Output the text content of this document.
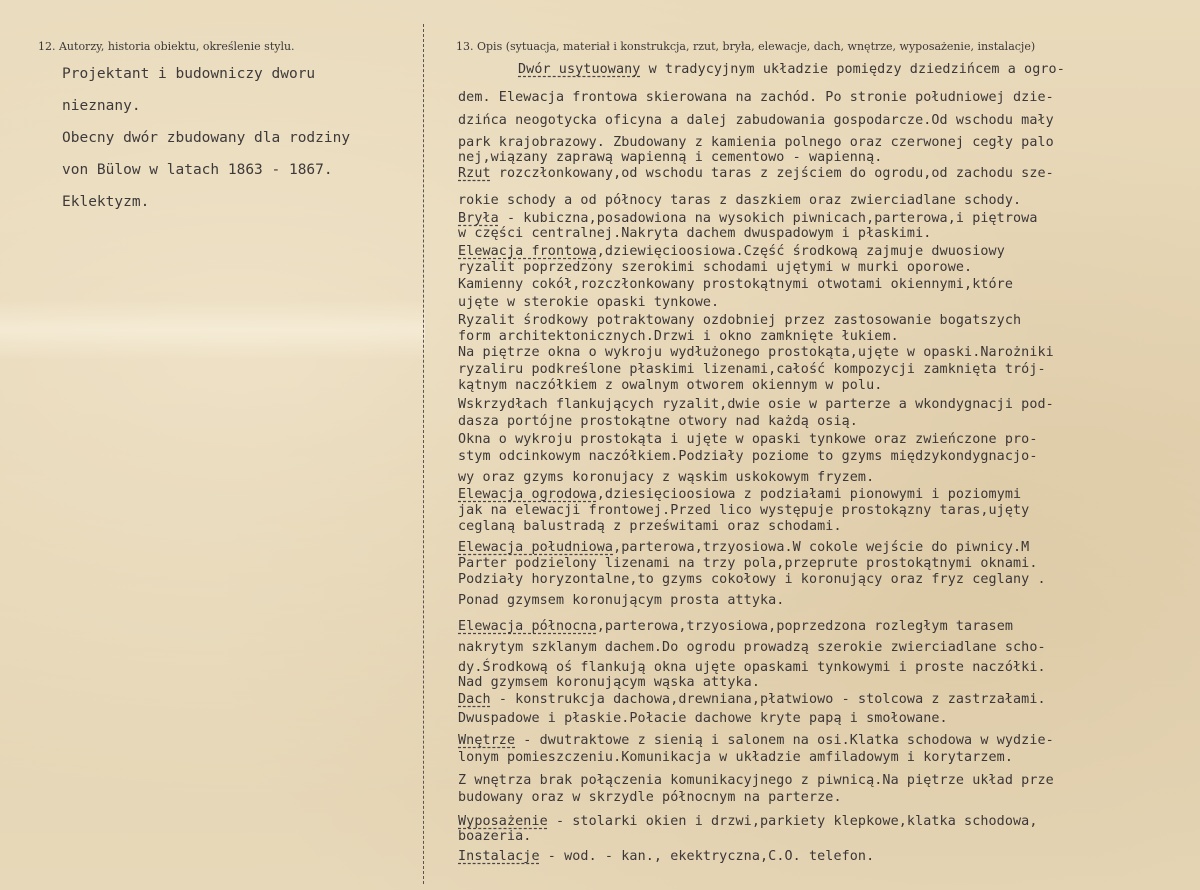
12. Autorzy, historia obiektu, określenie stylu.	13. Opis (sytuacja, materiał i konstrukcja, rzut, bryła, elewacje, dach, wnętrze, wyposażenie, instalacje)

Projektant i budowniczy dworu

nieznany.

Obecny dwór zbudowany dla rodziny

von Bülow w latach 1863 - 1867.

Eklektyzm.

Dwór usytuowany w tradycyjnym układzie pomiędzy dziedzińcem a ogro-
dem. Elewacja frontowa skierowana na zachód. Po stronie południowej dzie-
dzińca neogotycka oficyna a dalej zabudowania gospodarcze.Od wschodu mały
park krajobrazowy. Zbudowany z kamienia polnego oraz czerwonej cegły palo
nej,wiązany zaprawą wapienną i cementowo - wapienną.
Rzut rozczłonkowany,od wschodu taras z zejściem do ogrodu,od zachodu sze-
rokie schody a od północy taras z daszkiem oraz zwierciadlane schody.
Bryła - kubiczna,posadowiona na wysokich piwnicach,parterowa,i piętrowa
w części centralnej.Nakryta dachem dwuspadowym i płaskimi.
Elewacja frontowa,dziewięcioosiowa.Część środkową zajmuje dwuosiowy
ryzalit poprzedzony szerokimi schodami ujętymi w murki oporowe.
Kamienny cokół,rozczłonkowany prostokątnymi otwotami okiennymi,które
ujęte w sterokie opaski tynkowe.
Ryzalit środkowy potraktowany ozdobniej przez zastosowanie bogatszych
form architektonicznych.Drzwi i okno zamknięte łukiem.
Na piętrze okna o wykroju wydłużonego prostokąta,ujęte w opaski.Narożniki
ryzaliru podkreślone płaskimi lizenami,całość kompozycji zamknięta trój-
kątnym naczółkiem z owalnym otworem okiennym w polu.
Wskrzydłach flankujących ryzalit,dwie osie w parterze a wkondygnacji pod-
dasza portójne prostokątne otwory nad każdą osią.
Okna o wykroju prostokąta i ujęte w opaski tynkowe oraz zwieńczone pro-
stym odcinkowym naczółkiem.Podziały poziome to gzyms międzykondygnacjo-
wy oraz gzyms koronujacy z wąskim uskokowym fryzem.
Elewacja ogrodowa,dziesięcioosiowa z podziałami pionowymi i poziomymi
jak na elewacji frontowej.Przed lico występuje prostokązny taras,ujęty
ceglaną balustradą z prześwitami oraz schodami.
Elewacja południowa,parterowa,trzyosiowa.W cokole wejście do piwnicy.M
Parter podzielony lizenami na trzy pola,przeprute prostokątnymi oknami.
Podziały horyzontalne,to gzyms cokołowy i koronujący oraz fryz ceglany .
Ponad gzymsem koronującym prosta attyka.
Elewacja północna,parterowa,trzyosiowa,poprzedzona rozległym tarasem
nakrytym szklanym dachem.Do ogrodu prowadzą szerokie zwierciadlane scho-
dy.Środkową oś flankują okna ujęte opaskami tynkowymi i proste naczółki.
Nad gzymsem koronującym wąska attyka.
Dach - konstrukcja dachowa,drewniana,płatwiowo - stolcowa z zastrzałami.
Dwuspadowe i płaskie.Połacie dachowe kryte papą i smołowane.
Wnętrze - dwutraktowe z sienią i salonem na osi.Klatka schodowa w wydzie-
lonym pomieszczeniu.Komunikacja w układzie amfiladowym i korytarzem.
Z wnętrza brak połączenia komunikacyjnego z piwnicą.Na piętrze układ prze
budowany oraz w skrzydle północnym na parterze.
Wyposażenie - stolarki okien i drzwi,parkiety klepkowe,klatka schodowa,
boazeria.
Instalacje - wod. - kan., ekektryczna,C.O. telefon.
